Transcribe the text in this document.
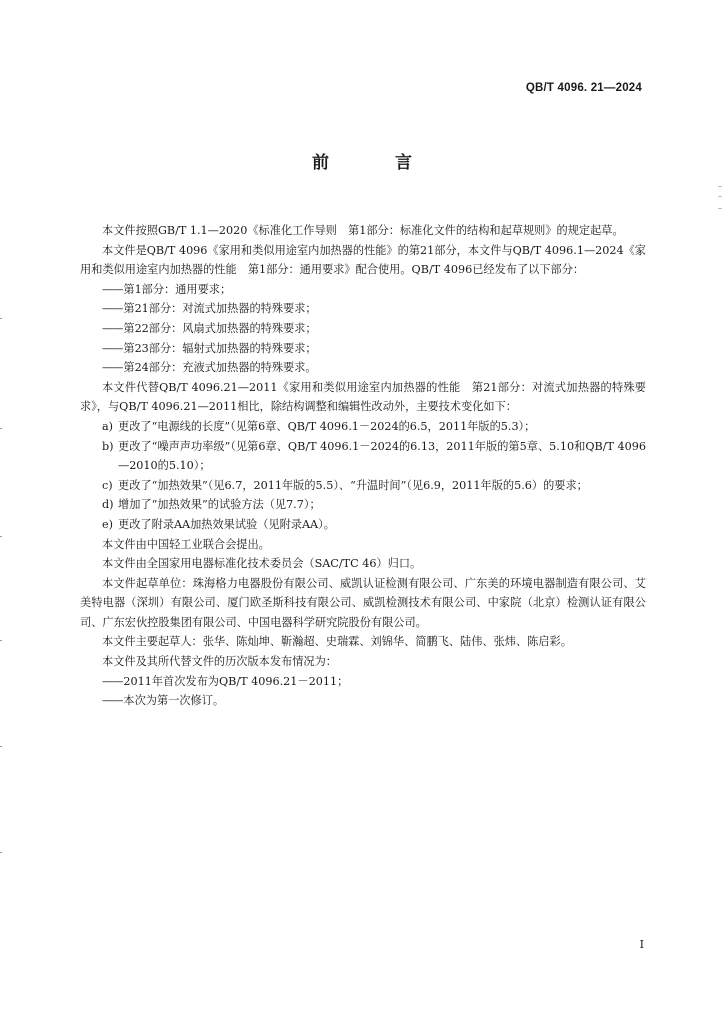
QB/T 4096. 21—2024
前 言

本文件按照GB/T 1.1—2020《标准化工作导则　第1部分：标准化文件的结构和起草规则》的规定起草。

本文件是QB/T 4096《家用和类似用途室内加热器的性能》的第21部分，本文件与QB/T 4096.1—2024《家用和类似用途室内加热器的性能　第1部分：通用要求》配合使用。QB/T 4096已经发布了以下部分：

——第1部分：通用要求；

——第21部分：对流式加热器的特殊要求；

——第22部分：风扇式加热器的特殊要求；

——第23部分：辐射式加热器的特殊要求；

——第24部分：充液式加热器的特殊要求。

本文件代替QB/T 4096.21—2011《家用和类似用途室内加热器的性能　第21部分：对流式加热器的特殊要求》，与QB/T 4096.21—2011相比，除结构调整和编辑性改动外，主要技术变化如下：

a) 更改了“电源线的长度”（见第6章、QB/T 4096.1－2024的6.5，2011年版的5.3）；
b) 更改了“噪声声功率级”（见第6章、QB/T 4096.1－2024的6.13，2011年版的第5章、5.10和QB/T 4096—2010的5.10）；
c) 更改了“加热效果”（见6.7，2011年版的5.5）、“升温时间”（见6.9，2011年版的5.6）的要求；
d) 增加了“加热效果”的试验方法（见7.7）；
e) 更改了附录AA加热效果试验（见附录AA）。

本文件由中国轻工业联合会提出。

本文件由全国家用电器标准化技术委员会（SAC/TC 46）归口。

本文件起草单位：珠海格力电器股份有限公司、威凯认证检测有限公司、广东美的环境电器制造有限公司、艾美特电器（深圳）有限公司、厦门欧圣斯科技有限公司、威凯检测技术有限公司、中家院（北京）检测认证有限公司、广东宏伙控股集团有限公司、中国电器科学研究院股份有限公司。

本文件主要起草人：张华、陈灿坤、靳瀚超、史瑞霖、刘锦华、简鹏飞、陆伟、张炜、陈启彩。

本文件及其所代替文件的历次版本发布情况为：

——2011年首次发布为QB/T 4096.21－2011；

——本次为第一次修订。

I
